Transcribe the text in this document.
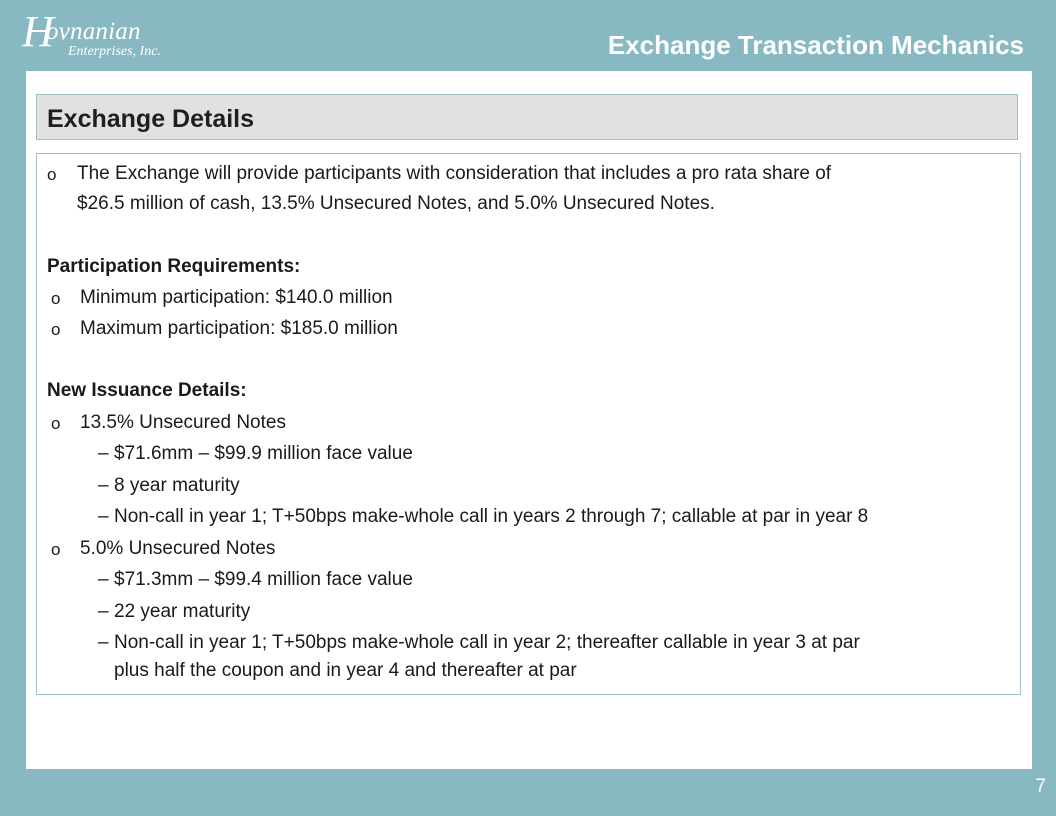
H
ovnanian
Enterprises, Inc.	Exchange Transaction Mechanics
Exchange Details
o The Exchange will provide participants with consideration that includes a pro rata share of
$26.5 million of cash, 13.5% Unsecured Notes, and 5.0% Unsecured Notes.
Participation Requirements:
o Minimum participation: $140.0 million
o Maximum participation: $185.0 million
New Issuance Details:
o 13.5% Unsecured Notes
– $71.6mm – $99.9 million face value
– 8 year maturity
– Non-call in year 1; T+50bps make-whole call in years 2 through 7; callable at par in year 8
o 5.0% Unsecured Notes
– $71.3mm – $99.4 million face value
– 22 year maturity
– Non-call in year 1; T+50bps make-whole call in year 2; thereafter callable in year 3 at par
plus half the coupon and in year 4 and thereafter at par
7
